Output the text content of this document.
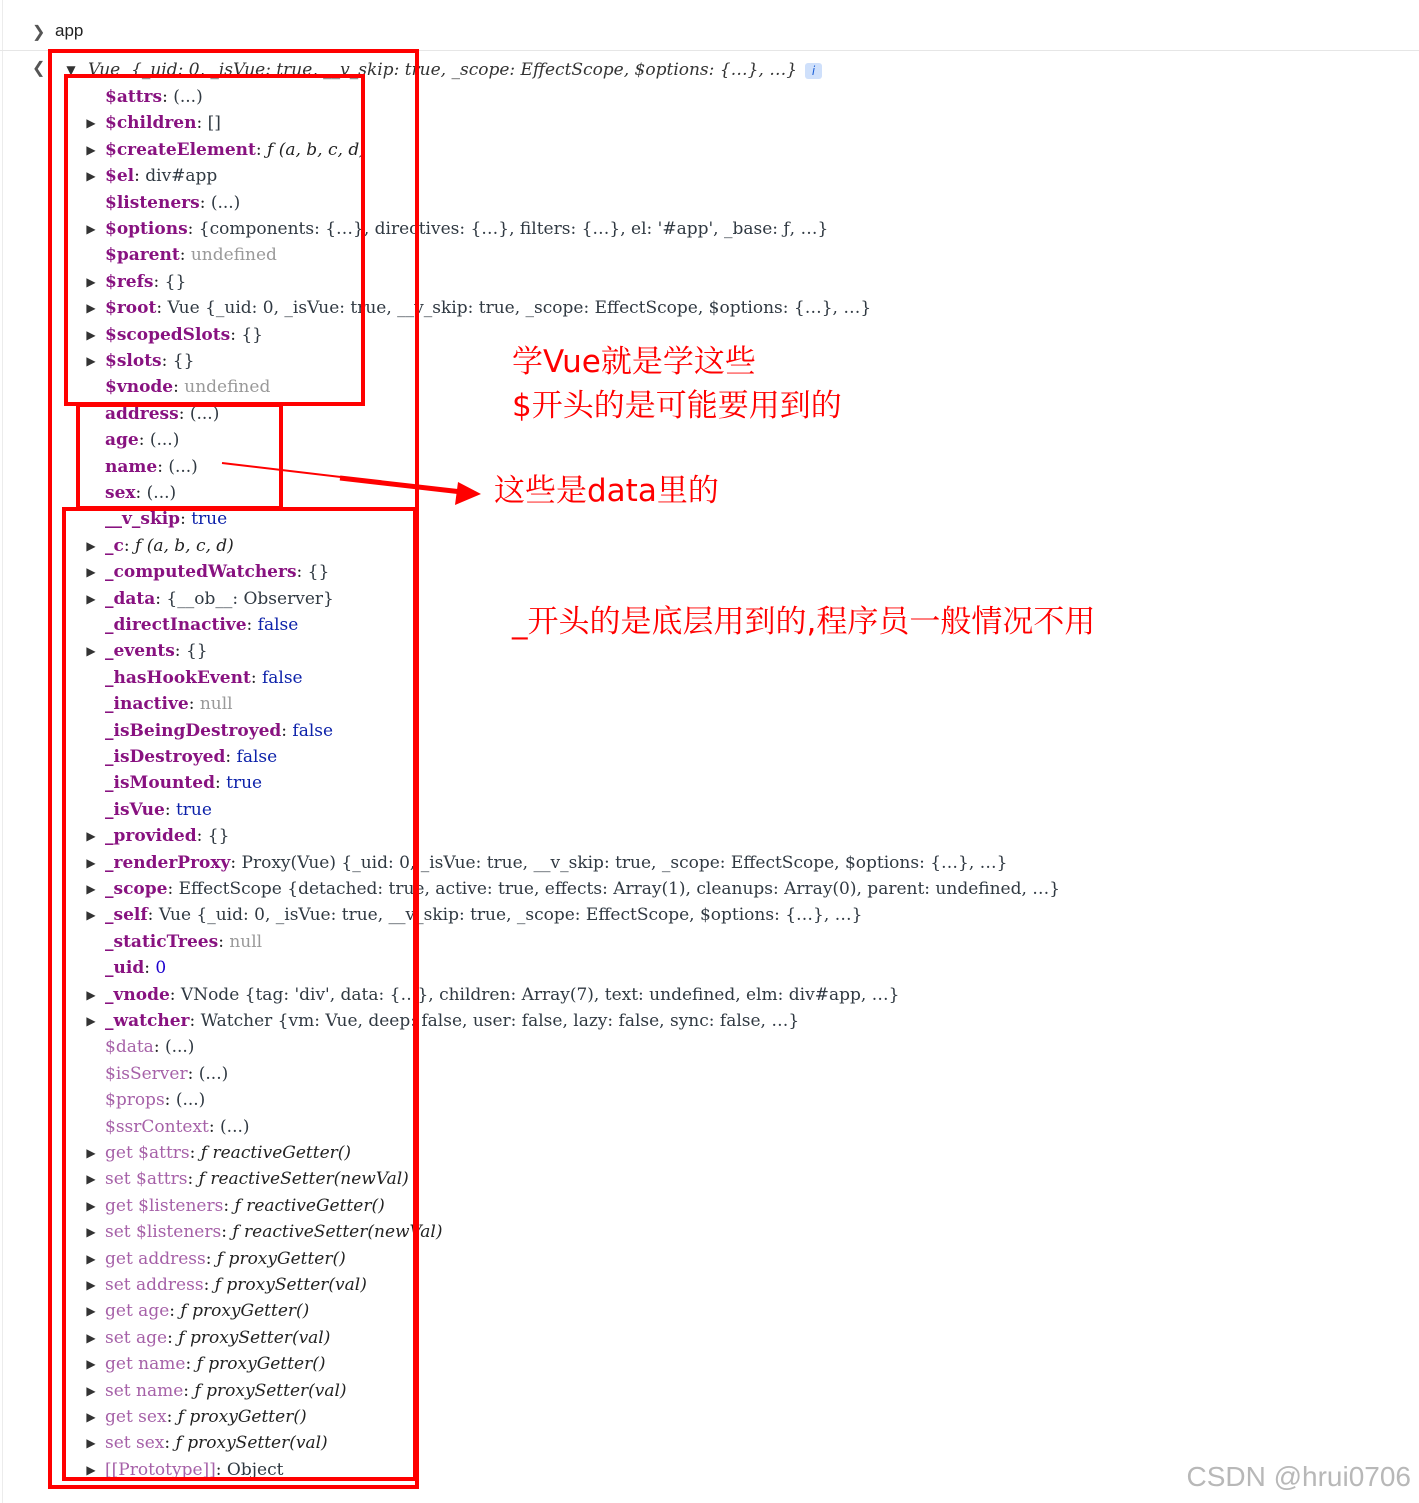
❯ app
❮ ▼ Vue {_uid: 0, _isVue: true, __v_skip: true, _scope: EffectScope, $options: {…}, …} i
$attrs: (...)
▶ $children: []
▶ $createElement: ƒ (a, b, c, d)
▶ $el: div#app
$listeners: (...)
▶ $options: {components: {…}, directives: {…}, filters: {…}, el: '#app', _base: ƒ, …}
$parent: undefined
▶ $refs: {}
▶ $root: Vue {_uid: 0, _isVue: true, __v_skip: true, _scope: EffectScope, $options: {…}, …}
▶ $scopedSlots: {}
▶ $slots: {}
$vnode: undefined
address: (...)
age: (...)
name: (...)
sex: (...)
__v_skip: true
▶ _c: ƒ (a, b, c, d)
▶ _computedWatchers: {}
▶ _data: {__ob__: Observer}
_directInactive: false
▶ _events: {}
_hasHookEvent: false
_inactive: null
_isBeingDestroyed: false
_isDestroyed: false
_isMounted: true
_isVue: true
▶ _provided: {}
▶ _renderProxy: Proxy(Vue) {_uid: 0, _isVue: true, __v_skip: true, _scope: EffectScope, $options: {…}, …}
▶ _scope: EffectScope {detached: true, active: true, effects: Array(1), cleanups: Array(0), parent: undefined, …}
▶ _self: Vue {_uid: 0, _isVue: true, __v_skip: true, _scope: EffectScope, $options: {…}, …}
_staticTrees: null
_uid: 0
▶ _vnode: VNode {tag: 'div', data: {…}, children: Array(7), text: undefined, elm: div#app, …}
▶ _watcher: Watcher {vm: Vue, deep: false, user: false, lazy: false, sync: false, …}
$data: (...)
$isServer: (...)
$props: (...)
$ssrContext: (...)
▶ get $attrs: ƒ reactiveGetter()
▶ set $attrs: ƒ reactiveSetter(newVal)
▶ get $listeners: ƒ reactiveGetter()
▶ set $listeners: ƒ reactiveSetter(newVal)
▶ get address: ƒ proxyGetter()
▶ set address: ƒ proxySetter(val)
▶ get age: ƒ proxyGetter()
▶ set age: ƒ proxySetter(val)
▶ get name: ƒ proxyGetter()
▶ set name: ƒ proxySetter(val)
▶ get sex: ƒ proxyGetter()
▶ set sex: ƒ proxySetter(val)
▶ [[Prototype]]: Object
学Vue就是学这些
$开头的是可能要用到的
这些是data里的
_开头的是底层用到的,程序员一般情况不用
CSDN @hrui0706
